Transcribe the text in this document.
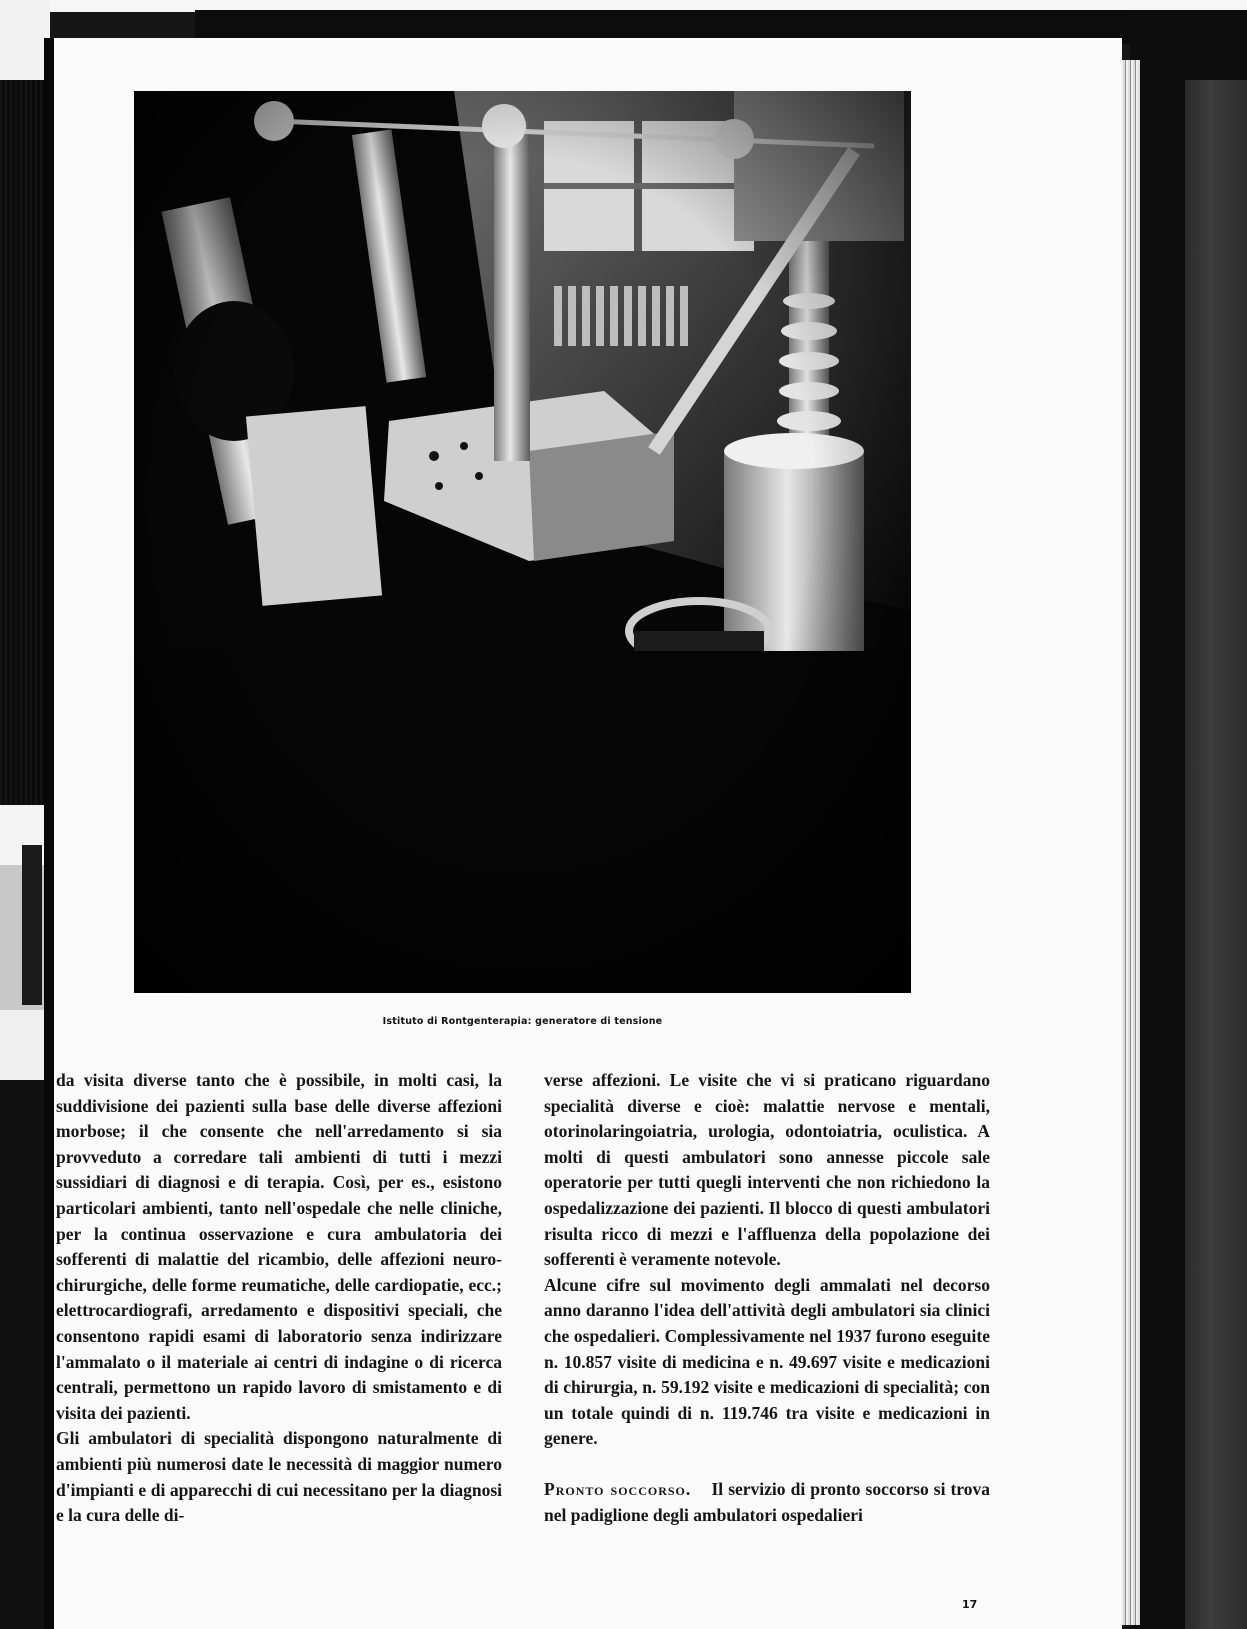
Istituto di Rontgenterapia: generatore di tensione

da visita diverse tanto che è possibile, in molti casi, la suddivisione dei pazienti sulla base delle diverse affezioni morbose; il che consente che nell'arredamento si sia provveduto a corredare tali ambienti di tutti i mezzi sussidiari di diagnosi e di terapia. Così, per es., esistono particolari ambienti, tanto nell'ospedale che nelle cliniche, per la continua osservazione e cura ambulatoria dei sofferenti di malattie del ricambio, delle affezioni neuro-chirurgiche, delle forme reumatiche, delle cardiopatie, ecc.; elettrocardiografi, arredamento e dispositivi speciali, che consentono rapidi esami di laboratorio senza indirizzare l'ammalato o il materiale ai centri di indagine o di ricerca centrali, permettono un rapido lavoro di smistamento e di visita dei pazienti.

Gli ambulatori di specialità dispongono naturalmente di ambienti più numerosi date le necessità di maggior numero d'impianti e di apparecchi di cui necessitano per la diagnosi e la cura delle di-

verse affezioni. Le visite che vi si praticano riguardano specialità diverse e cioè: malattie nervose e mentali, otorinolaringoiatria, urologia, odontoiatria, oculistica. A molti di questi ambulatori sono annesse piccole sale operatorie per tutti quegli interventi che non richiedono la ospedalizzazione dei pazienti. Il blocco di questi ambulatori risulta ricco di mezzi e l'affluenza della popolazione dei sofferenti è veramente notevole.

Alcune cifre sul movimento degli ammalati nel decorso anno daranno l'idea dell'attività degli ambulatori sia clinici che ospedalieri. Complessivamente nel 1937 furono eseguite n. 10.857 visite di medicina e n. 49.697 visite e medicazioni di chirurgia, n. 59.192 visite e medicazioni di specialità; con un totale quindi di n. 119.746 tra visite e medicazioni in genere.

Pronto soccorso. Il servizio di pronto soccorso si trova nel padiglione degli ambulatori ospedalieri

17
